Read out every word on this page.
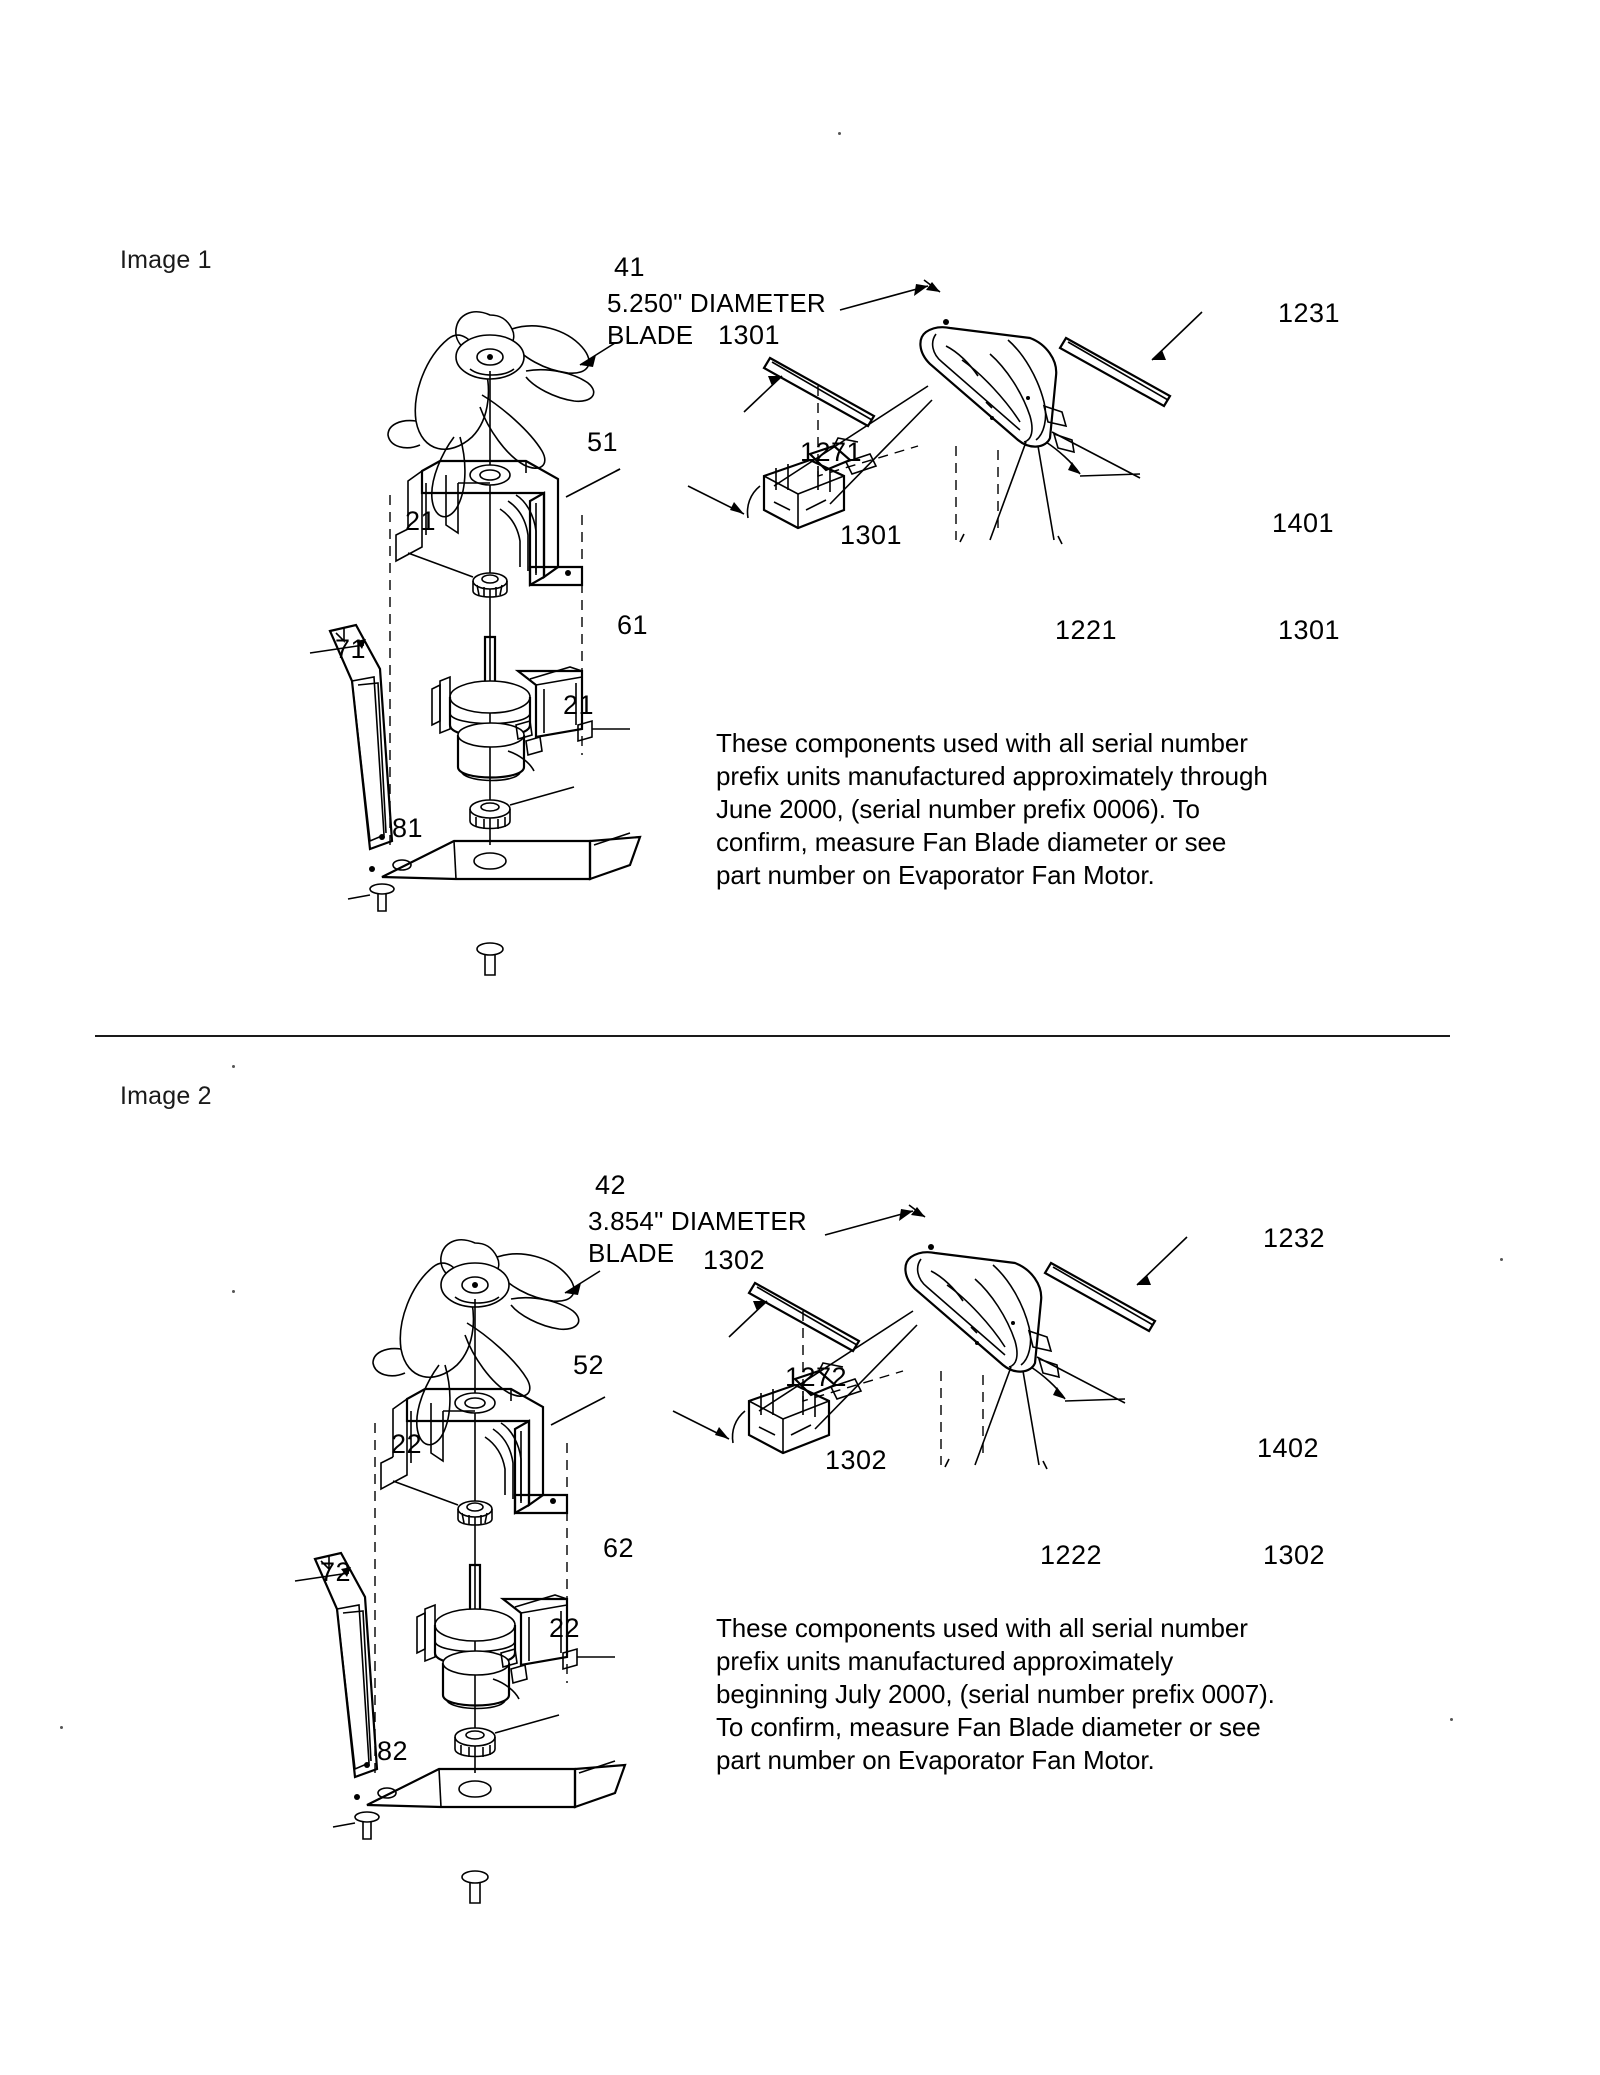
Image 1	41
5.250" DIAMETER
BLADE
51
21
61
21
71
81
1301
1231
1271
1401
1301
1221	1301
These components used with all serial number prefix units manufactured approximately through June 2000, (serial number prefix 0006). To confirm, measure Fan Blade diameter or see part number on Evaporator Fan Motor.
Image 2
42
3.854" DIAMETER
BLADE
52
22
62
22
72
82
1302
1232
1272
1402
1302
1222	1302
These components used with all serial number prefix units manufactured approximately beginning July 2000, (serial number prefix 0007). To confirm, measure Fan Blade diameter or see part number on Evaporator Fan Motor.
